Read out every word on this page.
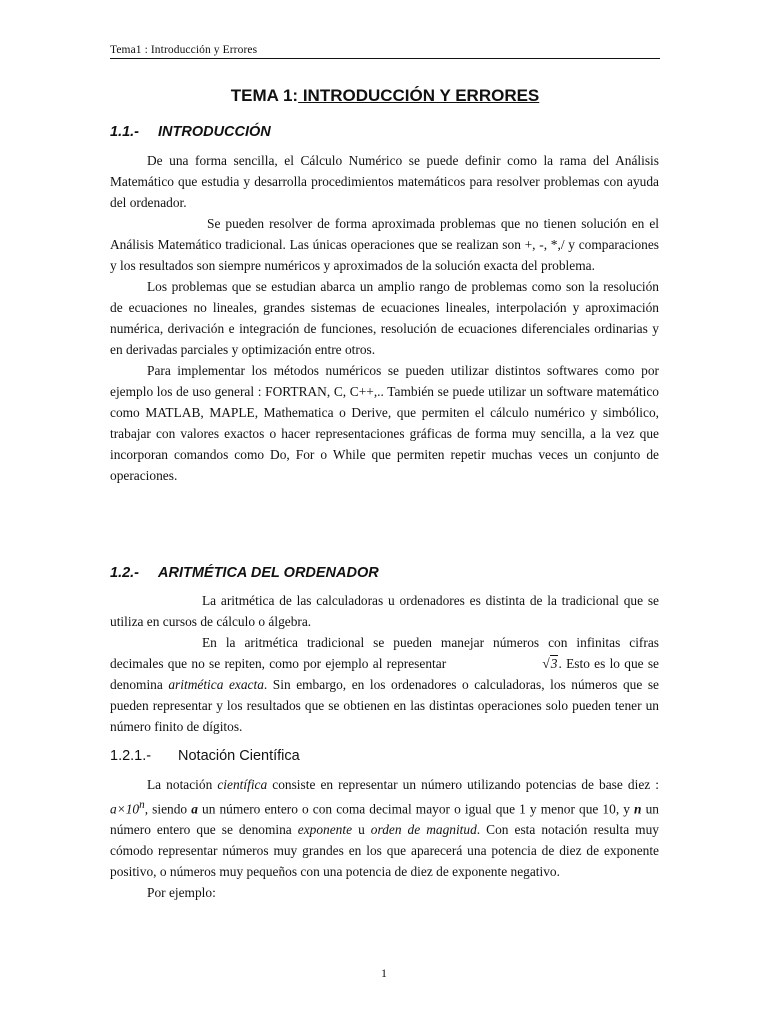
Tema1 : Introducción y Errores
TEMA 1: INTRODUCCIÓN Y ERRORES
1.1.- INTRODUCCIÓN

De una forma sencilla, el Cálculo Numérico se puede definir como la rama del Análisis Matemático que estudia y desarrolla procedimientos matemáticos para resolver problemas con ayuda del ordenador.

Se pueden resolver de forma aproximada problemas que no tienen solución en el Análisis Matemático tradicional. Las únicas operaciones que se realizan son +, -, *,/ y comparaciones y los resultados son siempre numéricos y aproximados de la solución exacta del problema.

Los problemas que se estudian abarca un amplio rango de problemas como son la resolución de ecuaciones no lineales, grandes sistemas de ecuaciones lineales, interpolación y aproximación numérica, derivación e integración de funciones, resolución de ecuaciones diferenciales ordinarias y en derivadas parciales y optimización entre otros.

Para implementar los métodos numéricos se pueden utilizar distintos softwares como por ejemplo los de uso general : FORTRAN, C, C++,.. También se puede utilizar un software matemático como MATLAB, MAPLE, Mathematica o Derive, que permiten el cálculo numérico y simbólico, trabajar con valores exactos o hacer representaciones gráficas de forma muy sencilla, a la vez que incorporan comandos como Do, For o While que permiten repetir muchas veces un conjunto de operaciones.

1.2.- ARITMÉTICA DEL ORDENADOR

La aritmética de las calculadoras u ordenadores es distinta de la tradicional que se utiliza en cursos de cálculo o álgebra.

En la aritmética tradicional se pueden manejar números con infinitas cifras decimales que no se repiten, como por ejemplo al representar	√3. Esto es lo que se denomina aritmética exacta. Sin embargo, en los ordenadores o calculadoras, los números que se pueden representar y los resultados que se obtienen en las distintas operaciones solo pueden tener un número finito de dígitos.

1.2.1.- Notación Científica

La notación científica consiste en representar un número utilizando potencias de base diez : $a\times 10^n$, siendo a un número entero o con coma decimal mayor o igual que 1 y menor que 10, y n un número entero que se denomina exponente u orden de magnitud. Con esta notación resulta muy cómodo representar números muy grandes en los que aparecerá una potencia de diez de exponente positivo, o números muy pequeños con una potencia de diez de exponente negativo.

Por ejemplo:

1
